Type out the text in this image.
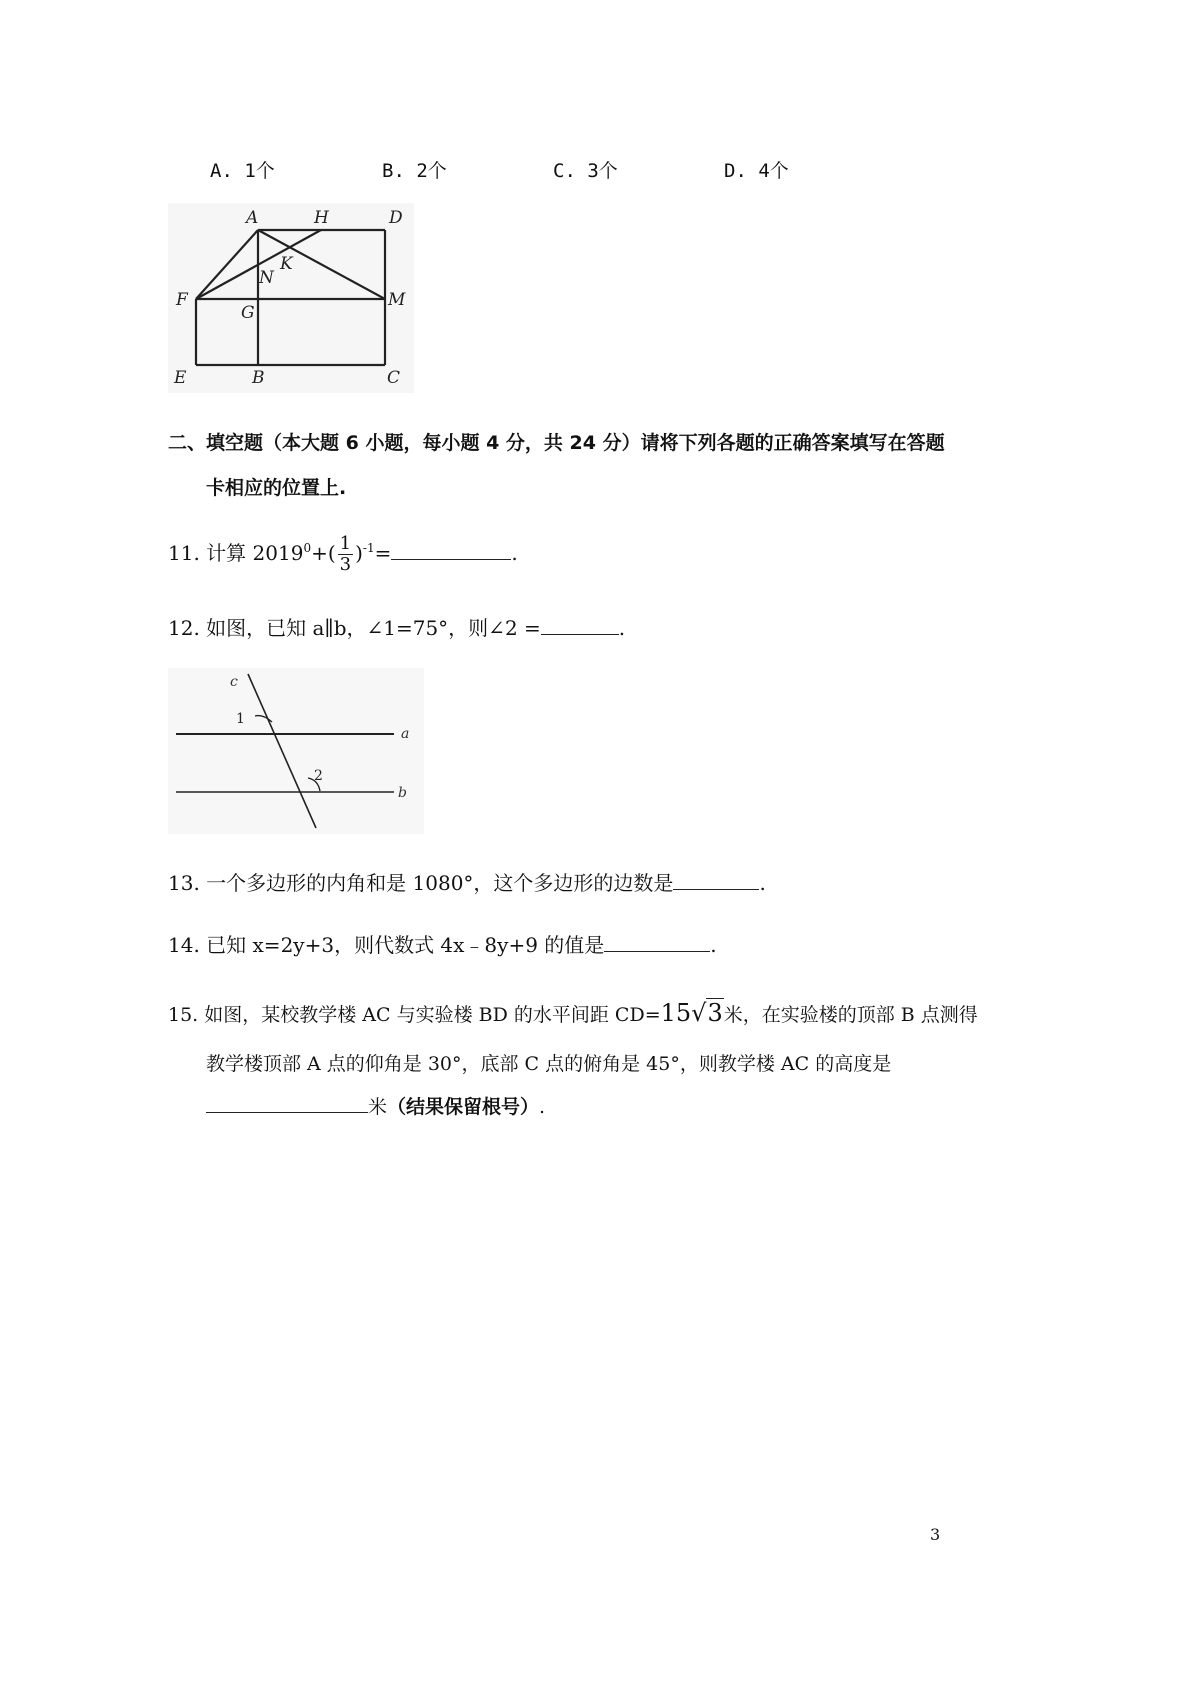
A. 1个	B. 2个	C. 3个	D. 4个
A	H	D
F	M
N
K
G
E	B	C
二、填空题（本大题 6 小题，每小题 4 分，共 24 分）请将下列各题的正确答案填写在答题
卡相应的位置上.
11. 计算 $2019^0+( \frac{1}{3} )^{-1}=$	.
12. 如图，已知 a∥b，∠1=75°，则∠2 =	.
c
a
b
1
2
13. 一个多边形的内角和是 1080°，这个多边形的边数是	.
14. 已知 x=2y+3，则代数式 4x﹣8y+9 的值是	.
15. 如图，某校教学楼 AC 与实验楼 BD 的水平间距 CD=15√3米，在实验楼的顶部 B 点测得
教学楼顶部 A 点的仰角是 30°，底部 C 点的俯角是 45°，则教学楼 AC 的高度是
米（结果保留根号）.
3
